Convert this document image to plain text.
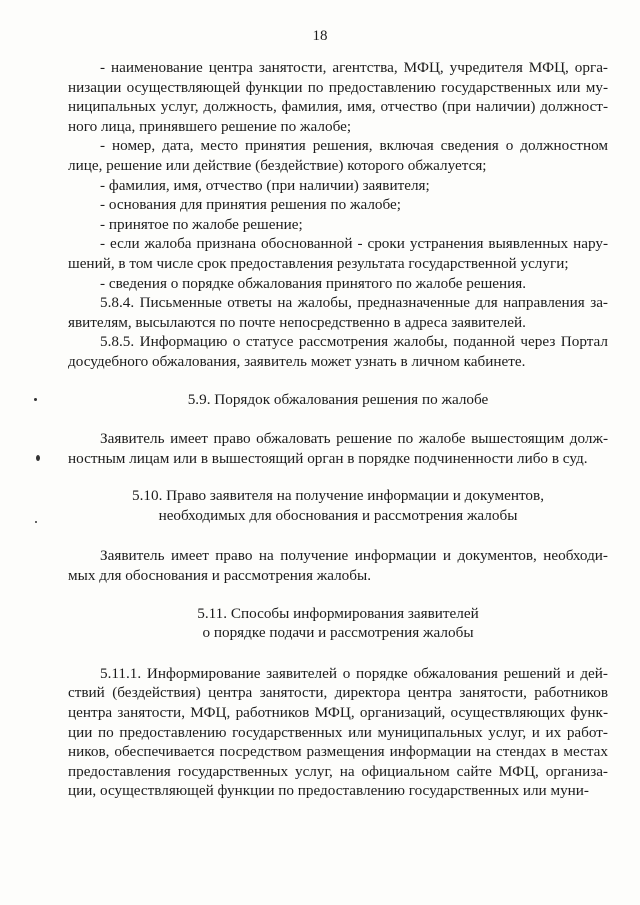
18
- наименование центра занятости, агентства, МФЦ, учредителя МФЦ, орга-
низации осуществляющей функции по предоставлению государственных или му-
ниципальных услуг, должность, фамилия, имя, отчество (при наличии) должност-
ного лица, принявшего решение по жалобе;
- номер, дата, место принятия решения, включая сведения о должностном
лице, решение или действие (бездействие) которого обжалуется;
- фамилия, имя, отчество (при наличии) заявителя;
- основания для принятия решения по жалобе;
- принятое по жалобе решение;
- если жалоба признана обоснованной - сроки устранения выявленных нару-
шений, в том числе срок предоставления результата государственной услуги;
- сведения о порядке обжалования принятого по жалобе решения.
5.8.4. Письменные ответы на жалобы, предназначенные для направления за-
явителям, высылаются по почте непосредственно в адреса заявителей.
5.8.5. Информацию о статусе рассмотрения жалобы, поданной через Портал
досудебного обжалования, заявитель может узнать в личном кабинете.
5.9. Порядок обжалования решения по жалобе
Заявитель имеет право обжаловать решение по жалобе вышестоящим долж-
ностным лицам или в вышестоящий орган в порядке подчиненности либо в суд.
5.10. Право заявителя на получение информации и документов,
необходимых для обоснования и рассмотрения жалобы
Заявитель имеет право на получение информации и документов, необходи-
мых для обоснования и рассмотрения жалобы.
5.11. Способы информирования заявителей
о порядке подачи и рассмотрения жалобы
5.11.1. Информирование заявителей о порядке обжалования решений и дей-
ствий (бездействия) центра занятости, директора центра занятости, работников
центра занятости, МФЦ, работников МФЦ, организаций, осуществляющих функ-
ции по предоставлению государственных или муниципальных услуг, и их работ-
ников, обеспечивается посредством размещения информации на стендах в местах
предоставления государственных услуг, на официальном сайте МФЦ, организа-
ции, осуществляющей функции по предоставлению государственных или муни-
